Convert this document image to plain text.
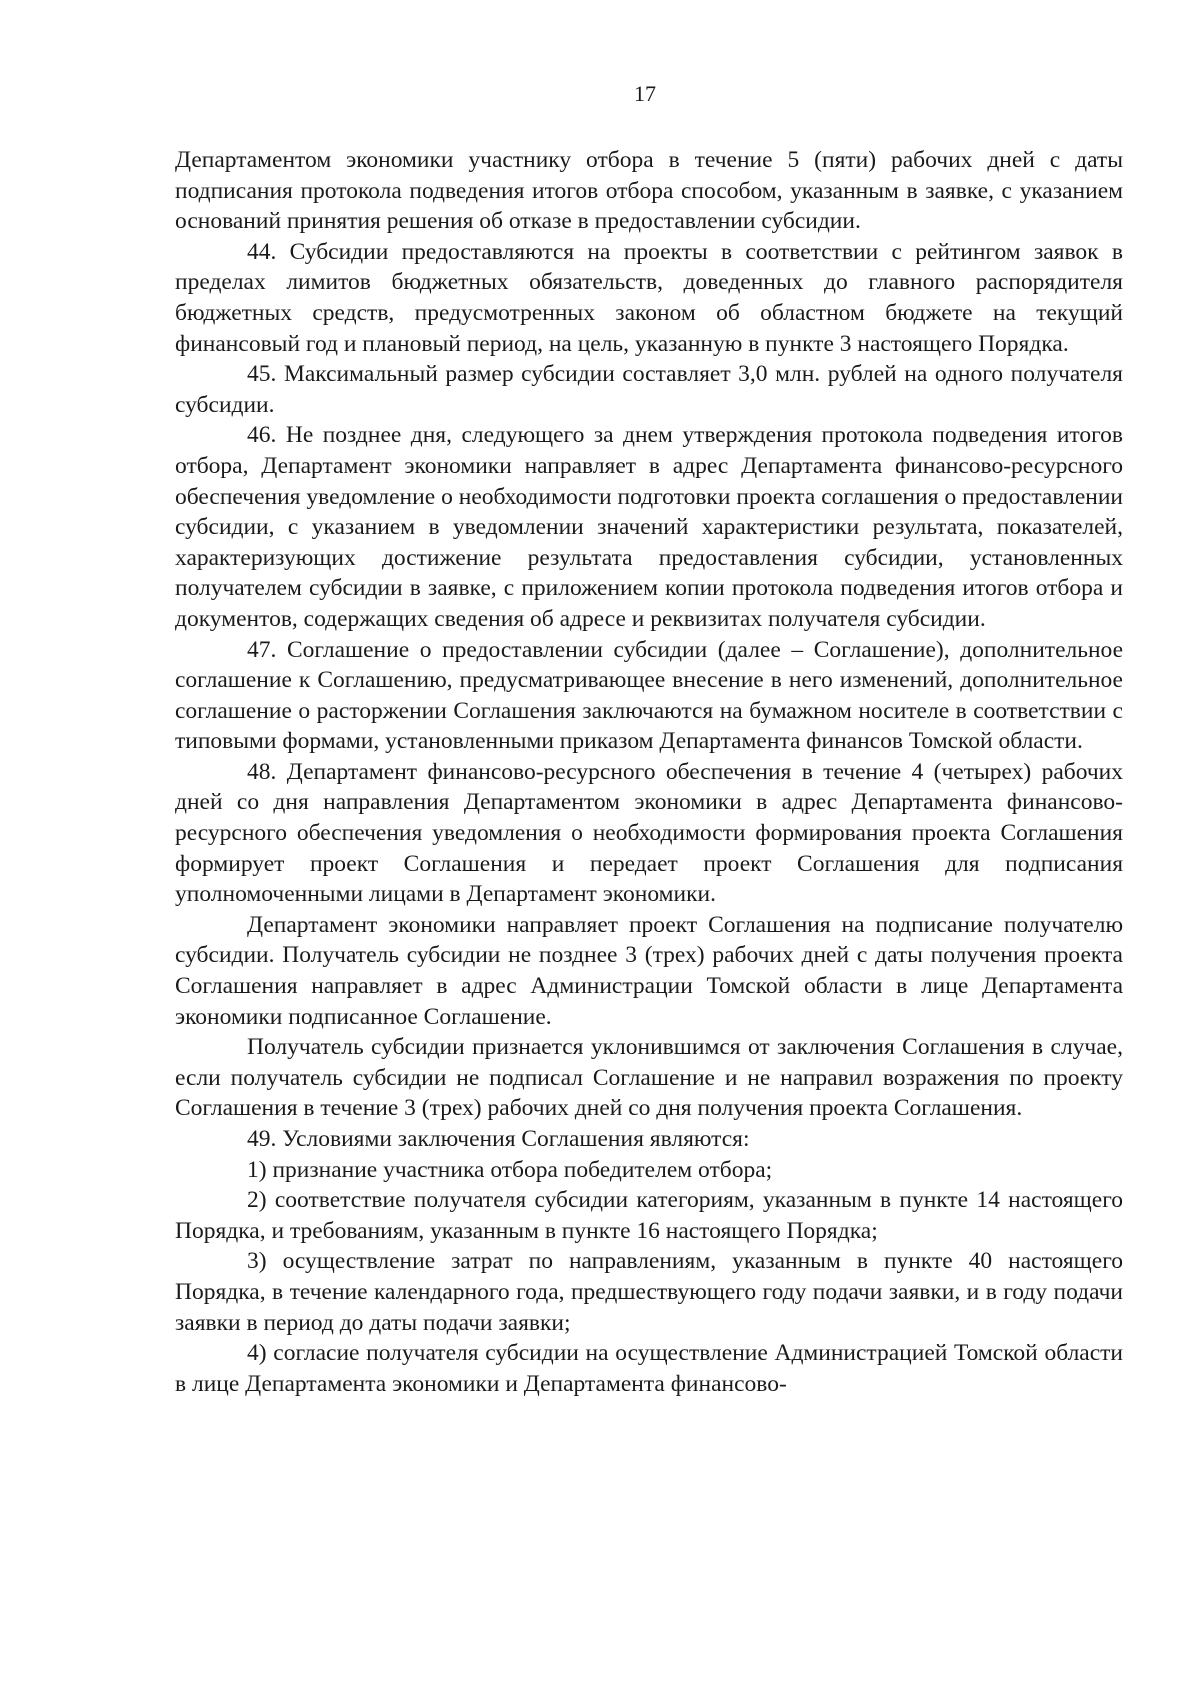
17

Департаментом экономики участнику отбора в течение 5 (пяти) рабочих дней с даты подписания протокола подведения итогов отбора способом, указанным в заявке, с указанием оснований принятия решения об отказе в предоставлении субсидии.

44. Субсидии предоставляются на проекты в соответствии с рейтингом заявок в пределах лимитов бюджетных обязательств, доведенных до главного распорядителя бюджетных средств, предусмотренных законом об областном бюджете на текущий финансовый год и плановый период, на цель, указанную в пункте 3 настоящего Порядка.

45. Максимальный размер субсидии составляет 3,0 млн. рублей на одного получателя субсидии.

46. Не позднее дня, следующего за днем утверждения протокола подведения итогов отбора, Департамент экономики направляет в адрес Департамента финансово-ресурсного обеспечения уведомление о необходимости подготовки проекта соглашения о предоставлении субсидии, с указанием в уведомлении значений характеристики результата, показателей, характеризующих достижение результата предоставления субсидии, установленных получателем субсидии в заявке, с приложением копии протокола подведения итогов отбора и документов, содержащих сведения об адресе и реквизитах получателя субсидии.

47. Соглашение о предоставлении субсидии (далее – Соглашение), дополнительное соглашение к Соглашению, предусматривающее внесение в него изменений, дополнительное соглашение о расторжении Соглашения заключаются на бумажном носителе в соответствии с типовыми формами, установленными приказом Департамента финансов Томской области.

48. Департамент финансово-ресурсного обеспечения в течение 4 (четырех) рабочих дней со дня направления Департаментом экономики в адрес Департамента финансово-ресурсного обеспечения уведомления о необходимости формирования проекта Соглашения формирует проект Соглашения и передает проект Соглашения для подписания уполномоченными лицами в Департамент экономики.

Департамент экономики направляет проект Соглашения на подписание получателю субсидии. Получатель субсидии не позднее 3 (трех) рабочих дней с даты получения проекта Соглашения направляет в адрес Администрации Томской области в лице Департамента экономики подписанное Соглашение.

Получатель субсидии признается уклонившимся от заключения Соглашения в случае, если получатель субсидии не подписал Соглашение и не направил возражения по проекту Соглашения в течение 3 (трех) рабочих дней со дня получения проекта Соглашения.

49. Условиями заключения Соглашения являются:

1) признание участника отбора победителем отбора;

2) соответствие получателя субсидии категориям, указанным в пункте 14 настоящего Порядка, и требованиям, указанным в пункте 16 настоящего Порядка;

3) осуществление затрат по направлениям, указанным в пункте 40 настоящего Порядка, в течение календарного года, предшествующего году подачи заявки, и в году подачи заявки в период до даты подачи заявки;

4) согласие получателя субсидии на осуществление Администрацией Томской области в лице Департамента экономики и Департамента финансово-
